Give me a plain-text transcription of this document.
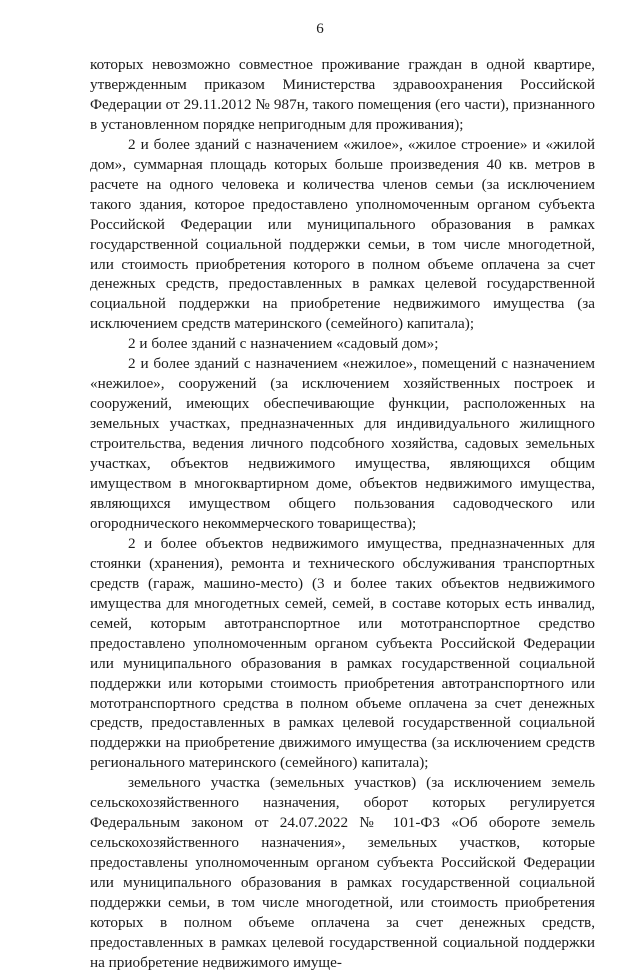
6

которых невозможно совместное проживание граждан в одной квартире, утвержденным приказом Министерства здравоохранения Российской Федерации от 29.11.2012 № 987н, такого помещения (его части), признанного в установленном порядке непригодным для проживания);

2 и более зданий с назначением «жилое», «жилое строение» и «жилой дом», суммарная площадь которых больше произведения 40 кв. метров в расчете на одного человека и количества членов семьи (за исключением такого здания, которое предоставлено уполномоченным органом субъекта Российской Федерации или муниципального образования в рамках государственной социальной поддержки семьи, в том числе многодетной, или стоимость приобретения которого в полном объеме оплачена за счет денежных средств, предоставленных в рамках целевой государственной социальной поддержки на приобретение недвижимого имущества (за исключением средств материнского (семейного) капитала);

2 и более зданий с назначением «садовый дом»;

2 и более зданий с назначением «нежилое», помещений с назначением «нежилое», сооружений (за исключением хозяйственных построек и сооружений, имеющих обеспечивающие функции, расположенных на земельных участках, предназначенных для индивидуального жилищного строительства, ведения личного подсобного хозяйства, садовых земельных участках, объектов недвижимого имущества, являющихся общим имуществом в многоквартирном доме, объектов недвижимого имущества, являющихся имуществом общего пользования садоводческого или огороднического некоммерческого товарищества);

2 и более объектов недвижимого имущества, предназначенных для стоянки (хранения), ремонта и технического обслуживания транспортных средств (гараж, машино-место) (3 и более таких объектов недвижимого имущества для многодетных семей, семей, в составе которых есть инвалид, семей, которым автотранспортное или мототранспортное средство предоставлено уполномоченным органом субъекта Российской Федерации или муниципального образования в рамках государственной социальной поддержки или которыми стоимость приобретения автотранспортного или мототранспортного средства в полном объеме оплачена за счет денежных средств, предоставленных в рамках целевой государственной социальной поддержки на приобретение движимого имущества (за исключением средств регионального материнского (семейного) капитала);

земельного участка (земельных участков) (за исключением земель сельскохозяйственного назначения, оборот которых регулируется Федеральным законом от 24.07.2022 № 101-ФЗ «Об обороте земель сельскохозяйственного назначения», земельных участков, которые предоставлены уполномоченным органом субъекта Российской Федерации или муниципального образования в рамках государственной социальной поддержки семьи, в том числе многодетной, или стоимость приобретения которых в полном объеме оплачена за счет денежных средств, предоставленных в рамках целевой государственной социальной поддержки на приобретение недвижимого имуще-
